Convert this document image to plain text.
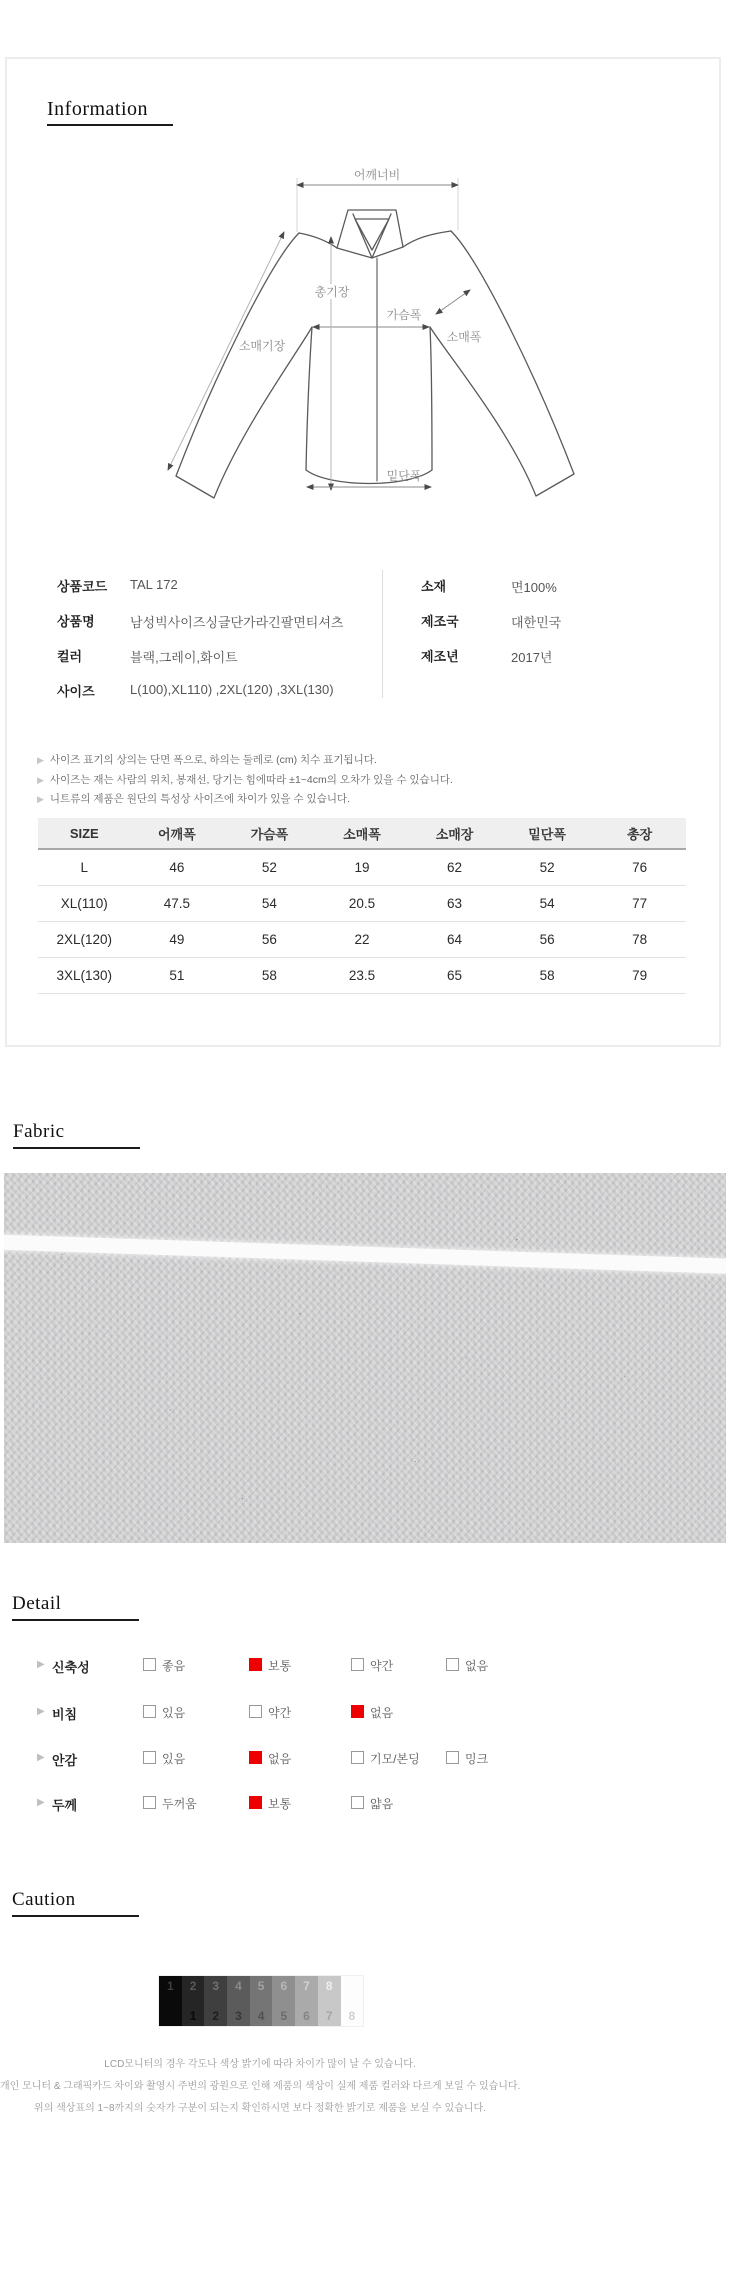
Information
어깨너비
총기장
가슴폭
소매폭
소매기장
밑단폭
상품코드 TAL 172
상품명	남성빅사이즈싱글단가라긴팔면티셔츠
컬러	블랙,그레이,화이트
사이즈	L(100),XL110) ,2XL(120) ,3XL(130)
소재	면100%
제조국	대한민국
제조년	2017년
▶ 사이즈 표기의 상의는 단면 폭으로, 하의는 둘레로 (cm) 치수 표기됩니다.
▶ 사이즈는 재는 사람의 위치, 봉재선, 당기는 힘에따라 ±1~4cm의 오차가 있을 수 있습니다.
▶ 니트류의 제품은 원단의 특성상 사이즈에 차이가 있을 수 있습니다.
SIZE	어깨폭	가슴폭	소매폭	소매장	밑단폭	총장
L	46	52	19	62	52	76
XL(110)	47.5	54	20.5	63	54	77
2XL(120)	49	56	22	64	56	78
3XL(130)	51	58	23.5	65	58	79
Fabric
Detail
▶ 신축성	좋음	보통	약간	없음
▶ 비침	있음	약간	없음
▶ 안감	있음	없음	기모/본딩	밍크
▶ 두께	두꺼움	보통	얇음
Caution
1	2
1
3
2
4
3
5
4
6
5
7
6
8
7	8
LCD모니터의 경우 각도나 색상 밝기에 따라 차이가 많이 날 수 있습니다.
개인 모니터 & 그래픽카드 차이와 촬영시 주변의 광원으로 인해 제품의 색상이 실제 제품 컬러와 다르게 보일 수 있습니다.
위의 색상표의 1~8까지의 숫자가 구분이 되는지 확인하시면 보다 정확한 밝기로 제품을 보실 수 있습니다.
